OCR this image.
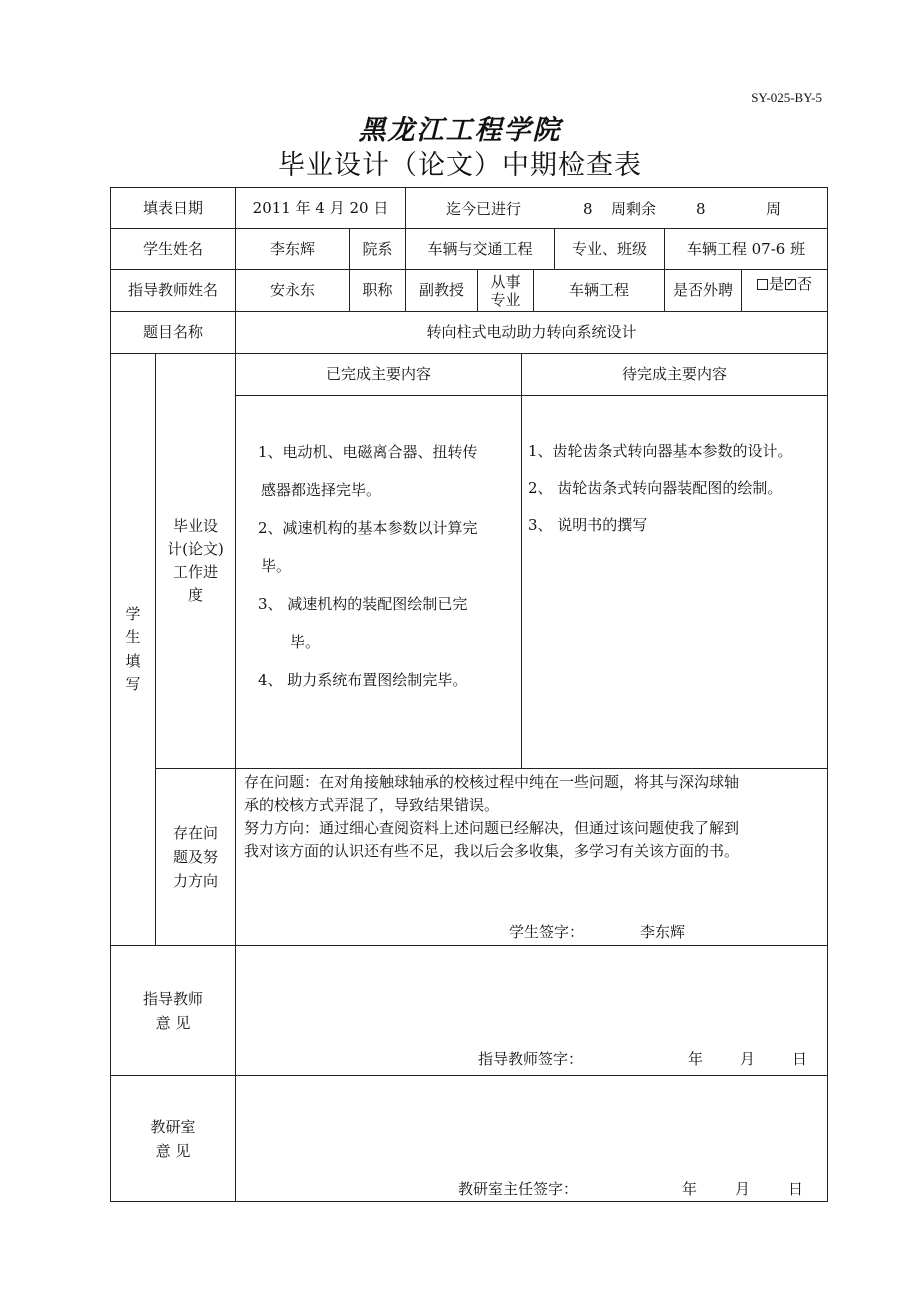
SY-025-BY-5
黑龙江工程学院
毕业设计（论文）中期检查表
填表日期	2011 年 4 月 20 日	迄今已进行	8 周剩余	8	周
学生姓名	李东辉	院系 车辆与交通工程	专业、班级	车辆工程 07-6 班
指导教师姓名	安永东	职称 副教授 从事
专业
车辆工程	是否外聘	是✓ 否
题目名称	转向柱式电动助力转向系统设计
学
生
填
写
毕业设
计(论文)
工作进
度
已完成主要内容	待完成主要内容
1、电动机、电磁离合器、扭转传
感器都选择完毕。
2、减速机构的基本参数以计算完
毕。
3、 减速机构的装配图绘制已完
毕。
4、 助力系统布置图绘制完毕。
1、齿轮齿条式转向器基本参数的设计。
2、 齿轮齿条式转向器装配图的绘制。
3、 说明书的撰写
存在问
题及努
力方向
存在问题：在对角接触球轴承的校核过程中纯在一些问题，将其与深沟球轴
承的校核方式弄混了，导致结果错误。
努力方向：通过细心查阅资料上述问题已经解决，但通过该问题使我了解到
我对该方面的认识还有些不足，我以后会多收集，多学习有关该方面的书。
学生签字：	李东辉
指导教师
意 见
指导教师签字：	年 月 日
教研室
意 见
教研室主任签字：	年	月	日
